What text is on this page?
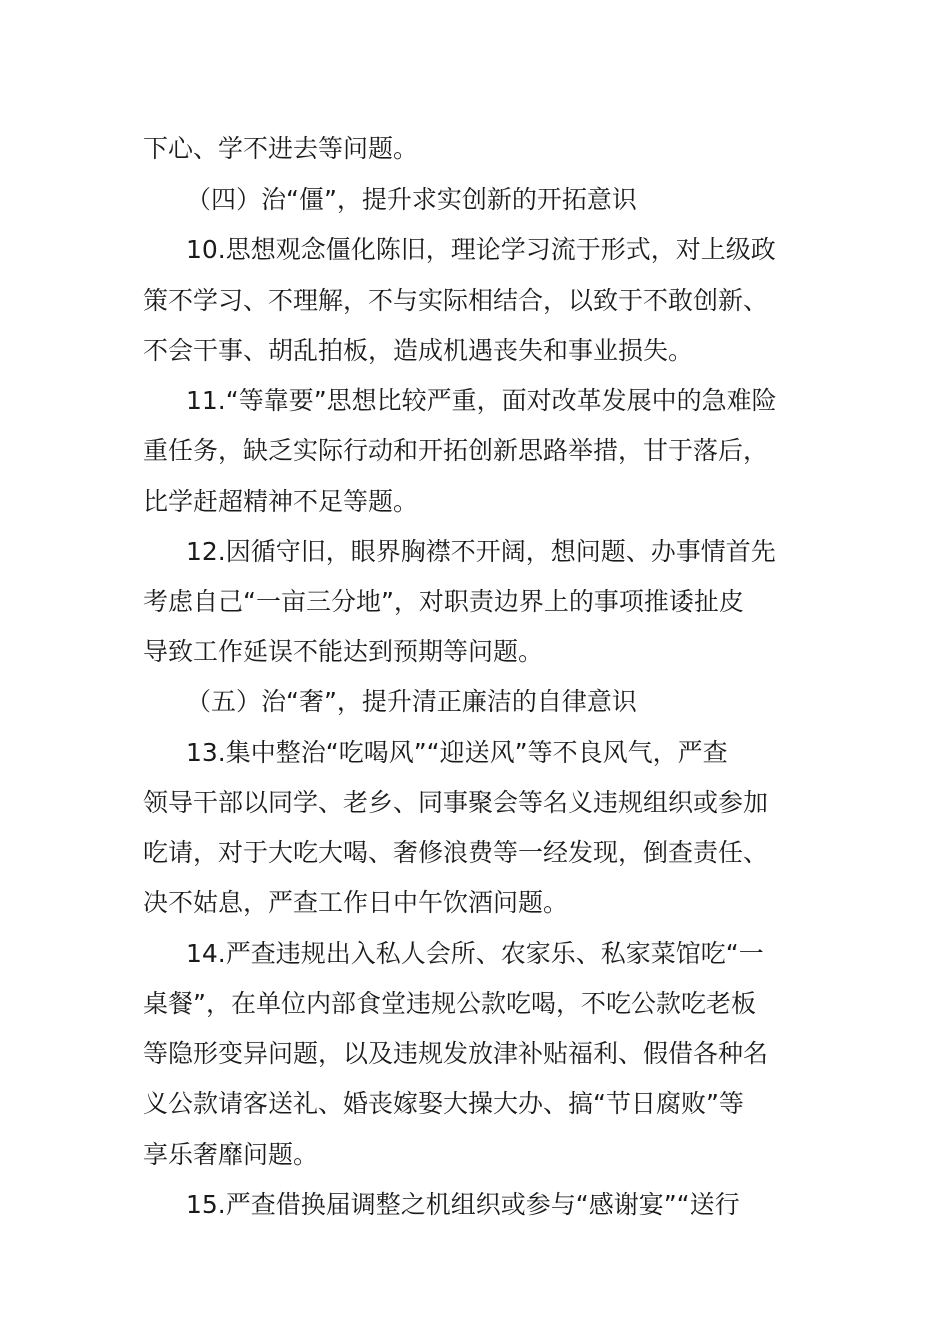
下心、学不进去等问题。
（四）治“僵”，提升求实创新的开拓意识
10.思想观念僵化陈旧，理论学习流于形式，对上级政
策不学习、不理解，不与实际相结合，以致于不敢创新、
不会干事、胡乱拍板，造成机遇丧失和事业损失。
11.“等靠要”思想比较严重，面对改革发展中的急难险
重任务，缺乏实际行动和开拓创新思路举措，甘于落后，
比学赶超精神不足等题。
12.因循守旧，眼界胸襟不开阔，想问题、办事情首先
考虑自己“一亩三分地”，对职责边界上的事项推诿扯皮
导致工作延误不能达到预期等问题。
（五）治“奢”，提升清正廉洁的自律意识
13.集中整治“吃喝风”“迎送风”等不良风气，严查
领导干部以同学、老乡、同事聚会等名义违规组织或参加
吃请，对于大吃大喝、奢修浪费等一经发现，倒查责任、
决不姑息，严查工作日中午饮酒问题。
14.严查违规出入私人会所、农家乐、私家菜馆吃“一
桌餐”，在单位内部食堂违规公款吃喝，不吃公款吃老板
等隐形变异问题，以及违规发放津补贴福利、假借各种名
义公款请客送礼、婚丧嫁娶大操大办、搞“节日腐败”等
享乐奢靡问题。
15.严查借换届调整之机组织或参与“感谢宴”“送行
